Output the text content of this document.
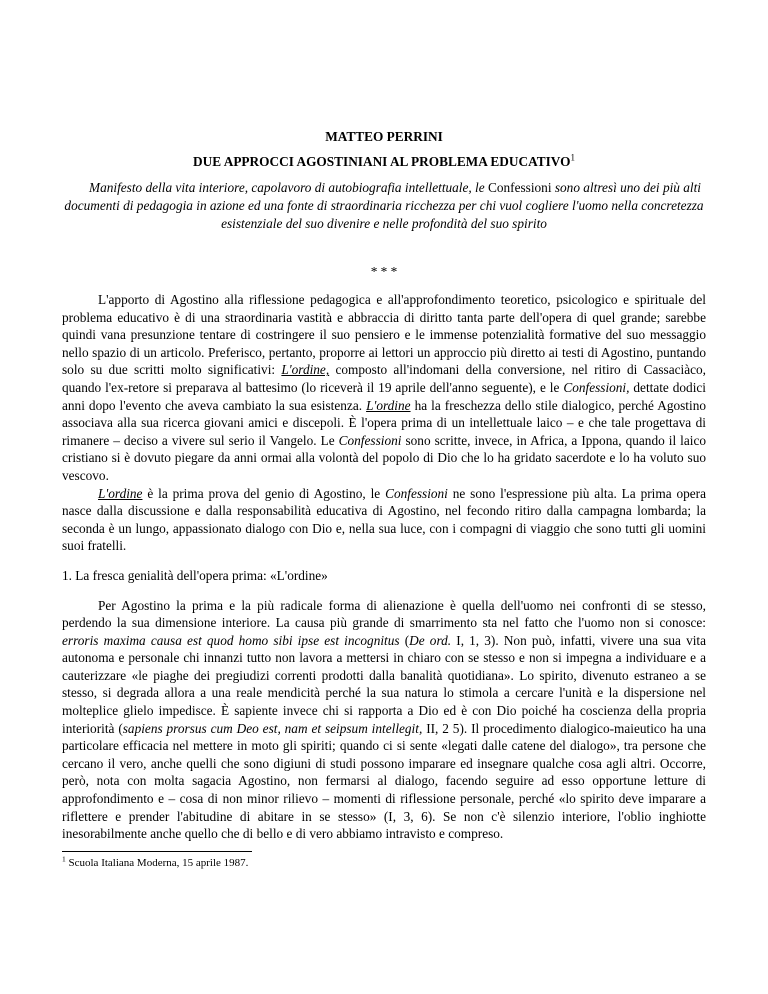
MATTEO PERRINI
DUE APPROCCI AGOSTINIANI AL PROBLEMA EDUCATIVO$^1$
Manifesto della vita interiore, capolavoro di autobiografia intellettuale, le Confessioni sono altresì uno dei più alti documenti di pedagogia in azione ed una fonte di straordinaria ricchezza per chi vuol cogliere l'uomo nella concretezza esistenziale del suo divenire e nelle profondità del suo spirito
* * *

L'apporto di Agostino alla riflessione pedagogica e all'approfondimento teoretico, psicologico e spirituale del problema educativo è di una straordinaria vastità e abbraccia di diritto tanta parte dell'opera di quel grande; sarebbe quindi vana presunzione tentare di costringere il suo pensiero e le immense potenzialità formative del suo messaggio nello spazio di un articolo. Preferisco, pertanto, proporre ai lettori un approccio più diretto ai testi di Agostino, puntando solo su due scritti molto significativi: L'ordine, composto all'indomani della conversione, nel ritiro di Cassaciàco, quando l'ex-retore si preparava al battesimo (lo riceverà il 19 aprile dell'anno seguente), e le Confessioni, dettate dodici anni dopo l'evento che aveva cambiato la sua esistenza. L'ordine ha la freschezza dello stile dialogico, perché Agostino associava alla sua ricerca giovani amici e discepoli. È l'opera prima di un intellettuale laico – e che tale progettava di rimanere – deciso a vivere sul serio il Vangelo. Le Confessioni sono scritte, invece, in Africa, a Ippona, quando il laico cristiano si è dovuto piegare da anni ormai alla volontà del popolo di Dio che lo ha gridato sacerdote e lo ha voluto suo vescovo.

L'ordine è la prima prova del genio di Agostino, le Confessioni ne sono l'espressione più alta. La prima opera nasce dalla discussione e dalla responsabilità educativa di Agostino, nel fecondo ritiro dalla campagna lombarda; la seconda è un lungo, appassionato dialogo con Dio e, nella sua luce, con i compagni di viaggio che sono tutti gli uomini suoi fratelli.

1. La fresca genialità dell'opera prima: «L'ordine»

Per Agostino la prima e la più radicale forma di alienazione è quella dell'uomo nei confronti di se stesso, perdendo la sua dimensione interiore. La causa più grande di smarrimento sta nel fatto che l'uomo non si conosce: erroris maxima causa est quod homo sibi ipse est incognitus (De ord. I, 1, 3). Non può, infatti, vivere una sua vita autonoma e personale chi innanzi tutto non lavora a mettersi in chiaro con se stesso e non si impegna a individuare e a cauterizzare «le piaghe dei pregiudizi correnti prodotti dalla banalità quotidiana». Lo spirito, divenuto estraneo a se stesso, si degrada allora a una reale mendicità perché la sua natura lo stimola a cercare l'unità e la dispersione nel molteplice glielo impedisce. È sapiente invece chi si rapporta a Dio ed è con Dio poiché ha coscienza della propria interiorità (sapiens prorsus cum Deo est, nam et seipsum intellegit, II, 2 5). Il procedimento dialogico-maieutico ha una particolare efficacia nel mettere in moto gli spiriti; quando ci si sente «legati dalle catene del dialogo», tra persone che cercano il vero, anche quelli che sono digiuni di studi possono imparare ed insegnare qualche cosa agli altri. Occorre, però, nota con molta sagacia Agostino, non fermarsi al dialogo, facendo seguire ad esso opportune letture di approfondimento e – cosa di non minor rilievo – momenti di riflessione personale, perché «lo spirito deve imparare a riflettere e prender l'abitudine di abitare in se stesso» (I, 3, 6). Se non c'è silenzio interiore, l'oblio inghiotte inesorabilmente anche quello che di bello e di vero abbiamo intravisto e compreso.

$^1$ Scuola Italiana Moderna, 15 aprile 1987.
